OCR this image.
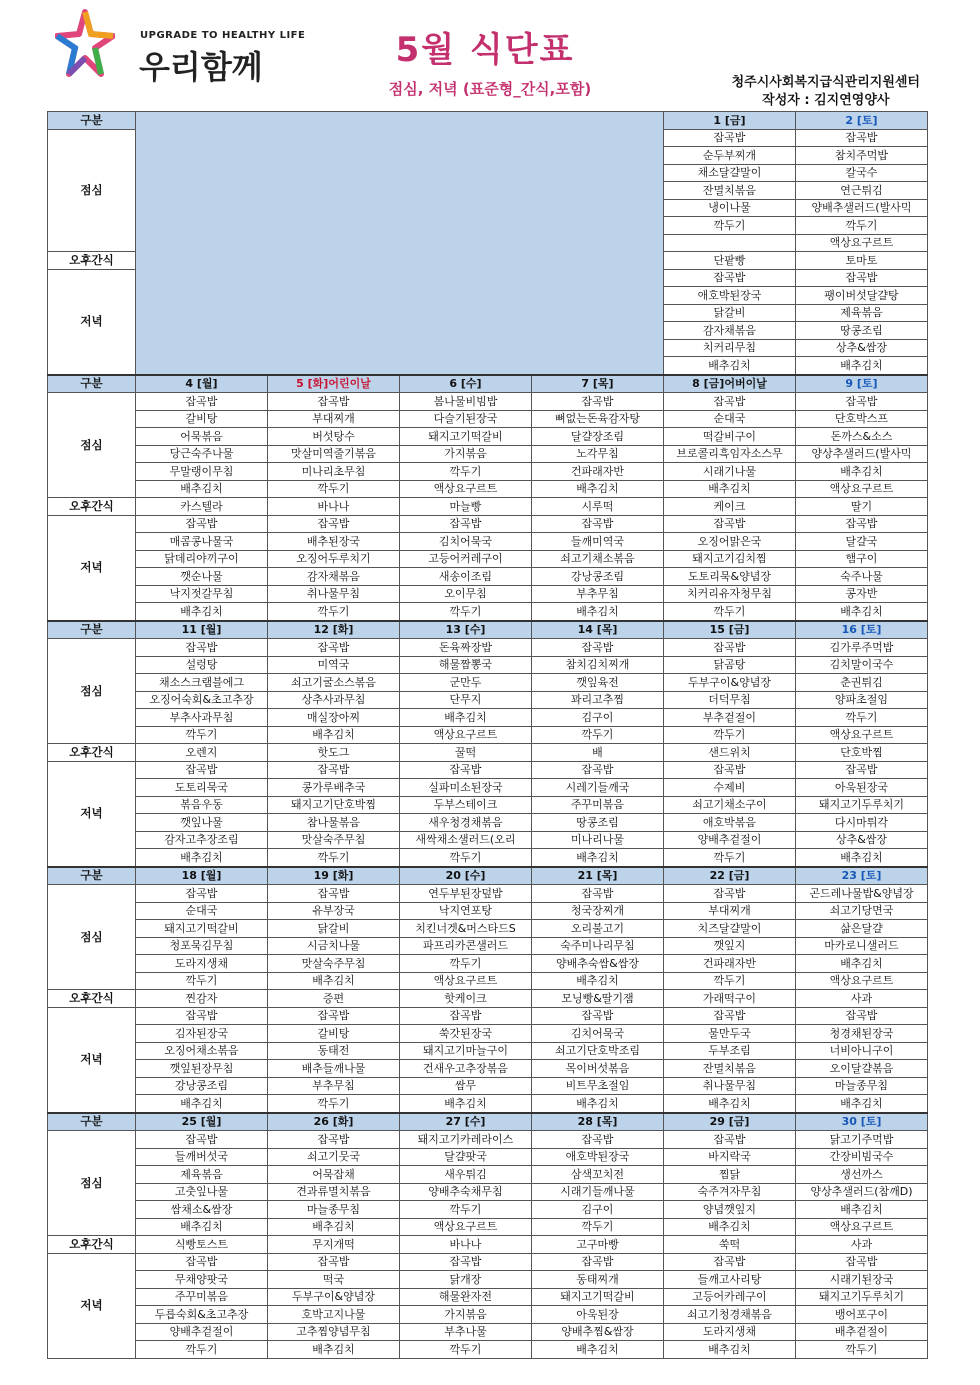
UPGRADE TO HEALTHY LIFE
우리함께	5월 식단표
점심, 저녁 (표준형_간식,포함)	청주시사회복지급식관리지원센터
작성자 : 김지연영양사
구분					1 [금]	2 [토]
점심					잡곡밥	잡곡밥
					순두부찌개	참치주먹밥
					채소달걀말이	칼국수
					잔멸치볶음	연근튀김
					냉이나물	양배추샐러드(발사믹
					깍두기	깍두기
						액상요구르트
오후간식					단팥빵	토마토
저녁					잡곡밥	잡곡밥
					애호박된장국	팽이버섯달걀탕
					닭갈비	제육볶음
					감자채볶음	땅콩조림
					치커리무침	상추&쌈장
					배추김치	배추김치
구분	4 [월]	5 [화]어린이날	6 [수]	7 [목]	8 [금]어버이날	9 [토]
점심	잡곡밥	잡곡밥	봄나물비빔밥	잡곡밥	잡곡밥	잡곡밥
	갈비탕	부대찌개	다슬기된장국	뼈없는돈육감자탕	순대국	단호박스프
	어묵볶음	버섯탕수	돼지고기떡갈비	달걀장조림	떡갈비구이	돈까스&소스
	당근숙주나물	맛살미역줄기볶음	가지볶음	노각무침	브로콜리흑임자소스무	양상추샐러드(발사믹
	무말랭이무침	미나리초무침	깍두기	건파래자반	시래기나물	배추김치
	배추김치	깍두기	액상요구르트	배추김치	배추김치	액상요구르트
오후간식	카스텔라	바나나	마늘빵	시루떡	케이크	딸기
저녁	잡곡밥	잡곡밥	잡곡밥	잡곡밥	잡곡밥	잡곡밥
	매콤콩나물국	배추된장국	김치어묵국	들깨미역국	오징어맑은국	달걀국
	닭데리야끼구이	오징어두루치기	고등어커레구이	쇠고기채소볶음	돼지고기김치찜	햄구이
	깻순나물	감자채볶음	새송이조림	강낭콩조림	도토리묵&양념장	숙주나물
	낙지젓갈무침	취나물무침	오이무침	부추무침	치커리유자청무침	콩자반
	배추김치	깍두기	깍두기	배추김치	깍두기	배추김치
구분	11 [월]	12 [화]	13 [수]	14 [목]	15 [금]	16 [토]
점심	잡곡밥	잡곡밥	돈육짜장밥	잡곡밥	잡곡밥	김가루주먹밥
	설렁탕	미역국	해물짬뽕국	참치김치찌개	닭곰탕	김치말이국수
	채소스크램블에그	쇠고기굴소스볶음	군만두	깻잎육전	두부구이&양념장	춘권튀김
	오징어숙회&초고추장	상추사과무침	단무지	꽈리고추찜	더덕무침	양파초절임
	부추사과무침	매실장아찌	배추김치	김구이	부추겉절이	깍두기
	깍두기	배추김치	액상요구르트	깍두기	깍두기	액상요구르트
오후간식	오렌지	핫도그	꿀떡	배	샌드위치	단호박찜
저녁	잡곡밥	잡곡밥	잡곡밥	잡곡밥	잡곡밥	잡곡밥
	도토리묵국	콩가루배추국	실파미소된장국	시레기들깨국	수제비	아욱된장국
	볶음우동	돼지고기단호박찜	두부스테이크	주꾸미볶음	쇠고기채소구이	돼지고기두루치기
	깻잎나물	참나물볶음	새우청경채볶음	땅콩조림	애호박볶음	다시마튀각
	감자고추장조림	맛살숙주무침	새싹채소샐러드(오리	미나리나물	양배추겉절이	상추&쌈장
	배추김치	깍두기	깍두기	배추김치	깍두기	배추김치
구분	18 [월]	19 [화]	20 [수]	21 [목]	22 [금]	23 [토]
점심	잡곡밥	잡곡밥	연두부된장덮밥	잡곡밥	잡곡밥	곤드레나물밥&양념장
	순대국	유부장국	낙지연포탕	청국장찌개	부대찌개	쇠고기당면국
	돼지고기떡갈비	닭갈비	치킨너겟&머스타드S	오리불고기	치즈달걀말이	삶은달걀
	청포묵김무침	시금치나물	파프리카콘샐러드	숙주미나리무침	깻잎지	마카로니샐러드
	도라지생채	맛살숙주무침	깍두기	양배추숙쌈&쌈장	건파래자반	배추김치
	깍두기	배추김치	액상요구르트	배추김치	깍두기	액상요구르트
오후간식	찐감자	증편	핫케이크	모닝빵&딸기잼	가래떡구이	사과
저녁	잡곡밥	잡곡밥	잡곡밥	잡곡밥	잡곡밥	잡곡밥
	김자된장국	갈비탕	쑥갓된장국	김치어묵국	물만두국	청경채된장국
	오징어채소볶음	동태전	돼지고기마늘구이	쇠고기단호박조림	두부조림	너비아니구이
	깻잎된장무침	배추들깨나물	건새우고추장볶음	목이버섯볶음	잔멸치볶음	오이달걀볶음
	강낭콩조림	부추무침	쌈무	비트무초절임	취나물무침	마늘종무침
	배추김치	깍두기	배추김치	배추김치	배추김치	배추김치
구분	25 [월]	26 [화]	27 [수]	28 [목]	29 [금]	30 [토]
점심	잡곡밥	잡곡밥	돼지고기카레라이스	잡곡밥	잡곡밥	닭고기주먹밥
	들깨버섯국	쇠고기뭇국	달걀팟국	애호박된장국	바지락국	간장비빔국수
	제육볶음	어묵잡채	새우튀김	삼색꼬치전	찜닭	생선까스
	고춧잎나물	견과류멸치볶음	양배추숙채무침	시래기들깨나물	숙주겨자무침	양상추샐러드(참깨D)
	쌈채소&쌈장	마늘종무침	깍두기	김구이	양념깻잎지	배추김치
	배추김치	배추김치	액상요구르트	깍두기	배추김치	액상요구르트
오후간식	식빵토스트	무지개떡	바나나	고구마빵	쑥떡	사과
저녁	잡곡밥	잡곡밥	잡곡밥	잡곡밥	잡곡밥	잡곡밥
	무채양팟국	떡국	닭개장	동태찌개	들깨고사리탕	시래기된장국
	주꾸미볶음	두부구이&양념장	해물완자전	돼지고기떡갈비	고등어카레구이	돼지고기두루치기
	두릅숙회&초고추장	호박고지나물	가지볶음	아욱된장	쇠고기청경채볶음	뱅어포구이
	양배추겉절이	고추찜양념무침	부추나물	양배추찜&쌈장	도라지생채	배추겉절이
	깍두기	배추김치	깍두기	배추김치	배추김치	깍두기
